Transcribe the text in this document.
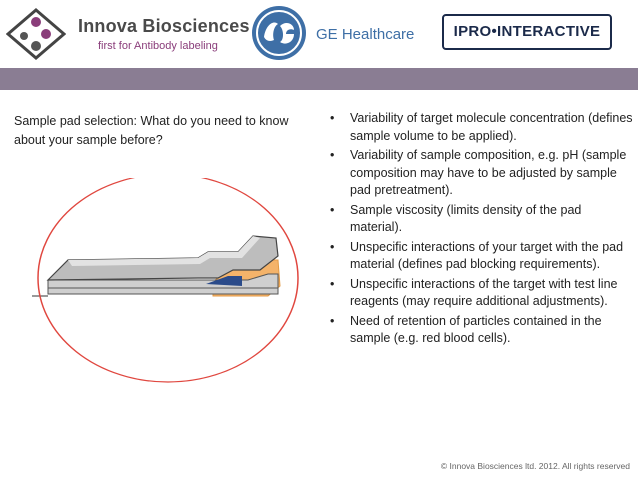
Innova Biosciences
first for Antibody labeling
GE Healthcare	IPRO•INTERACTIVE
Sample pad selection: What do you need to know about your sample before?
• Variability of target molecule concentration (defines sample volume to be applied).
• Variability of sample composition, e.g. pH (sample composition may have to be adjusted by sample pad pretreatment).
• Sample viscosity (limits density of the pad material).
• Unspecific interactions of your target with the pad material (defines pad blocking requirements).
• Unspecific interactions of the target with test line reagents (may require additional adjustments).
• Need of retention of particles contained in the sample (e.g. red blood cells).
© Innova Biosciences ltd. 2012. All rights reserved
